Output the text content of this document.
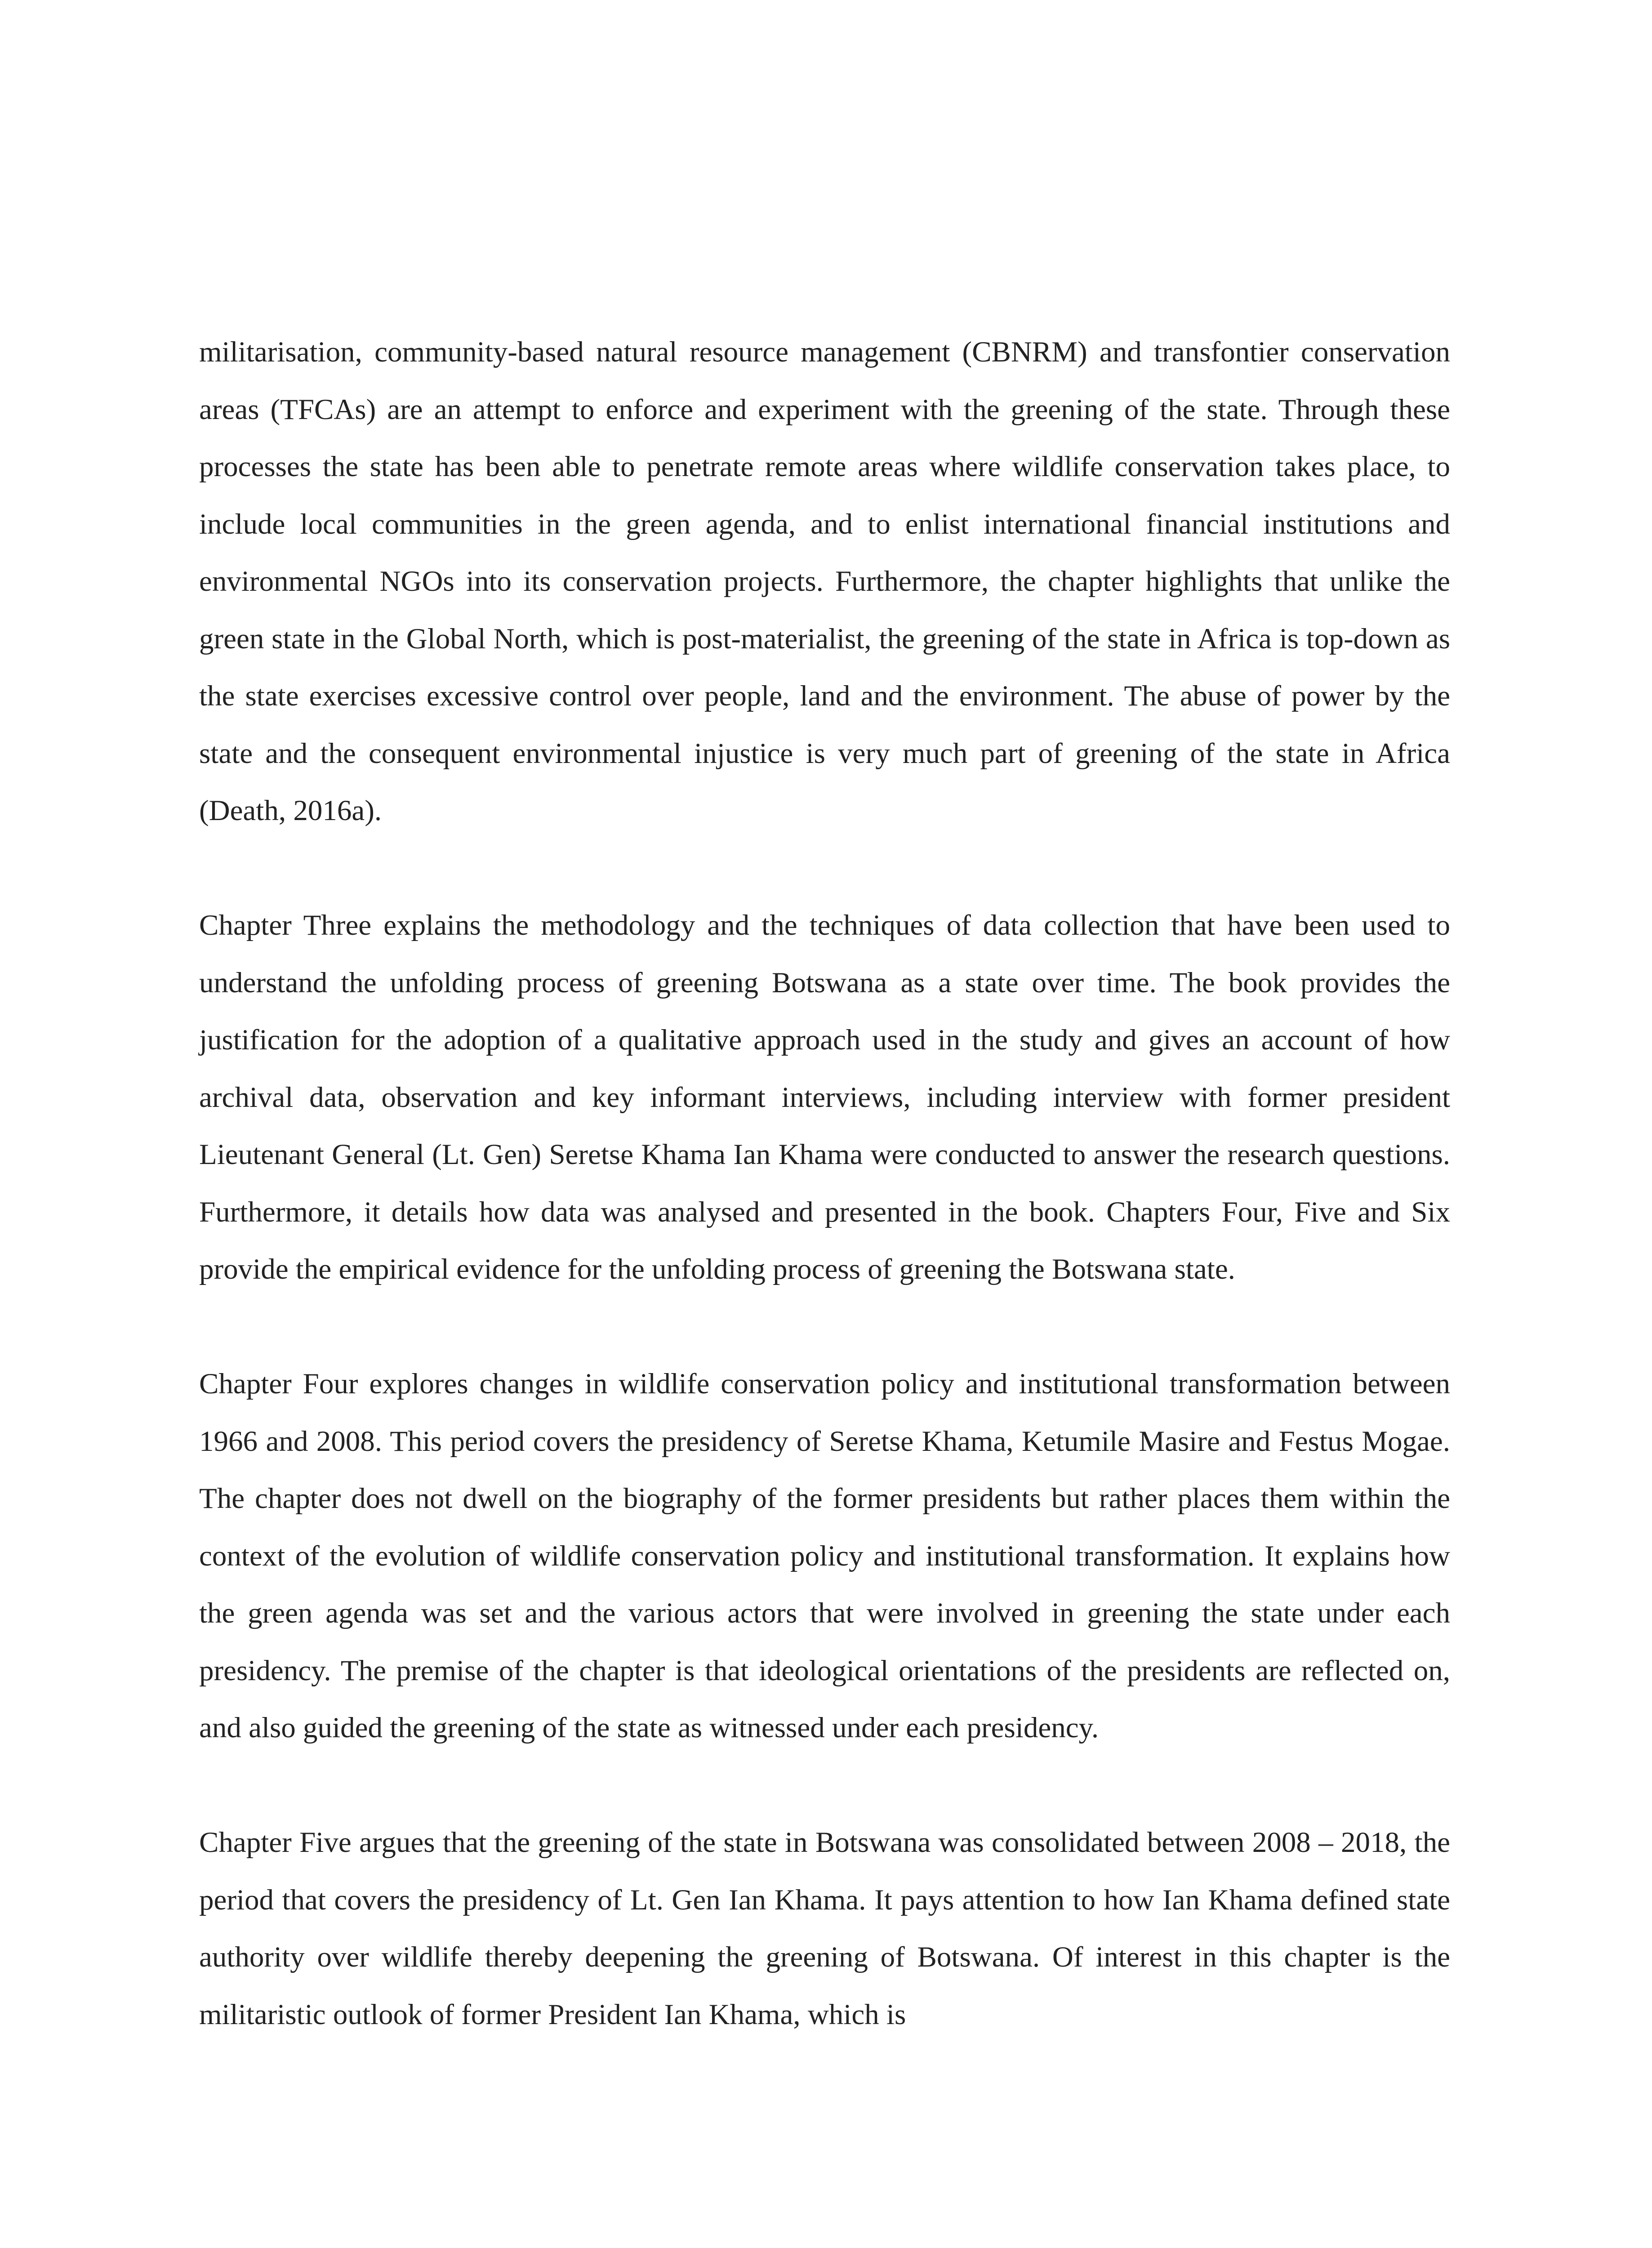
militarisation, community-based natural resource management (CBNRM) and transfontier conservation areas (TFCAs) are an attempt to enforce and experiment with the greening of the state. Through these processes the state has been able to penetrate remote areas where wildlife conservation takes place, to include local communities in the green agenda, and to enlist international financial institutions and environmental NGOs into its conservation projects. Furthermore, the chapter highlights that unlike the green state in the Global North, which is post-materialist, the greening of the state in Africa is top-down as the state exercises excessive control over people, land and the environment. The abuse of power by the state and the consequent environmental injustice is very much part of greening of the state in Africa (Death, 2016a).

Chapter Three explains the methodology and the techniques of data collection that have been used to understand the unfolding process of greening Botswana as a state over time. The book provides the justification for the adoption of a qualitative approach used in the study and gives an account of how archival data, observation and key informant interviews, including interview with former president Lieutenant General (Lt. Gen) Seretse Khama Ian Khama were conducted to answer the research questions. Furthermore, it details how data was analysed and presented in the book. Chapters Four, Five and Six provide the empirical evidence for the unfolding process of greening the Botswana state.

Chapter Four explores changes in wildlife conservation policy and institutional transformation between 1966 and 2008. This period covers the presidency of Seretse Khama, Ketumile Masire and Festus Mogae. The chapter does not dwell on the biography of the former presidents but rather places them within the context of the evolution of wildlife conservation policy and institutional transformation. It explains how the green agenda was set and the various actors that were involved in greening the state under each presidency. The premise of the chapter is that ideological orientations of the presidents are reflected on, and also guided the greening of the state as witnessed under each presidency.

Chapter Five argues that the greening of the state in Botswana was consolidated between 2008 – 2018, the period that covers the presidency of Lt. Gen Ian Khama. It pays attention to how Ian Khama defined state authority over wildlife thereby deepening the greening of Botswana. Of interest in this chapter is the militaristic outlook of former President Ian Khama, which is
